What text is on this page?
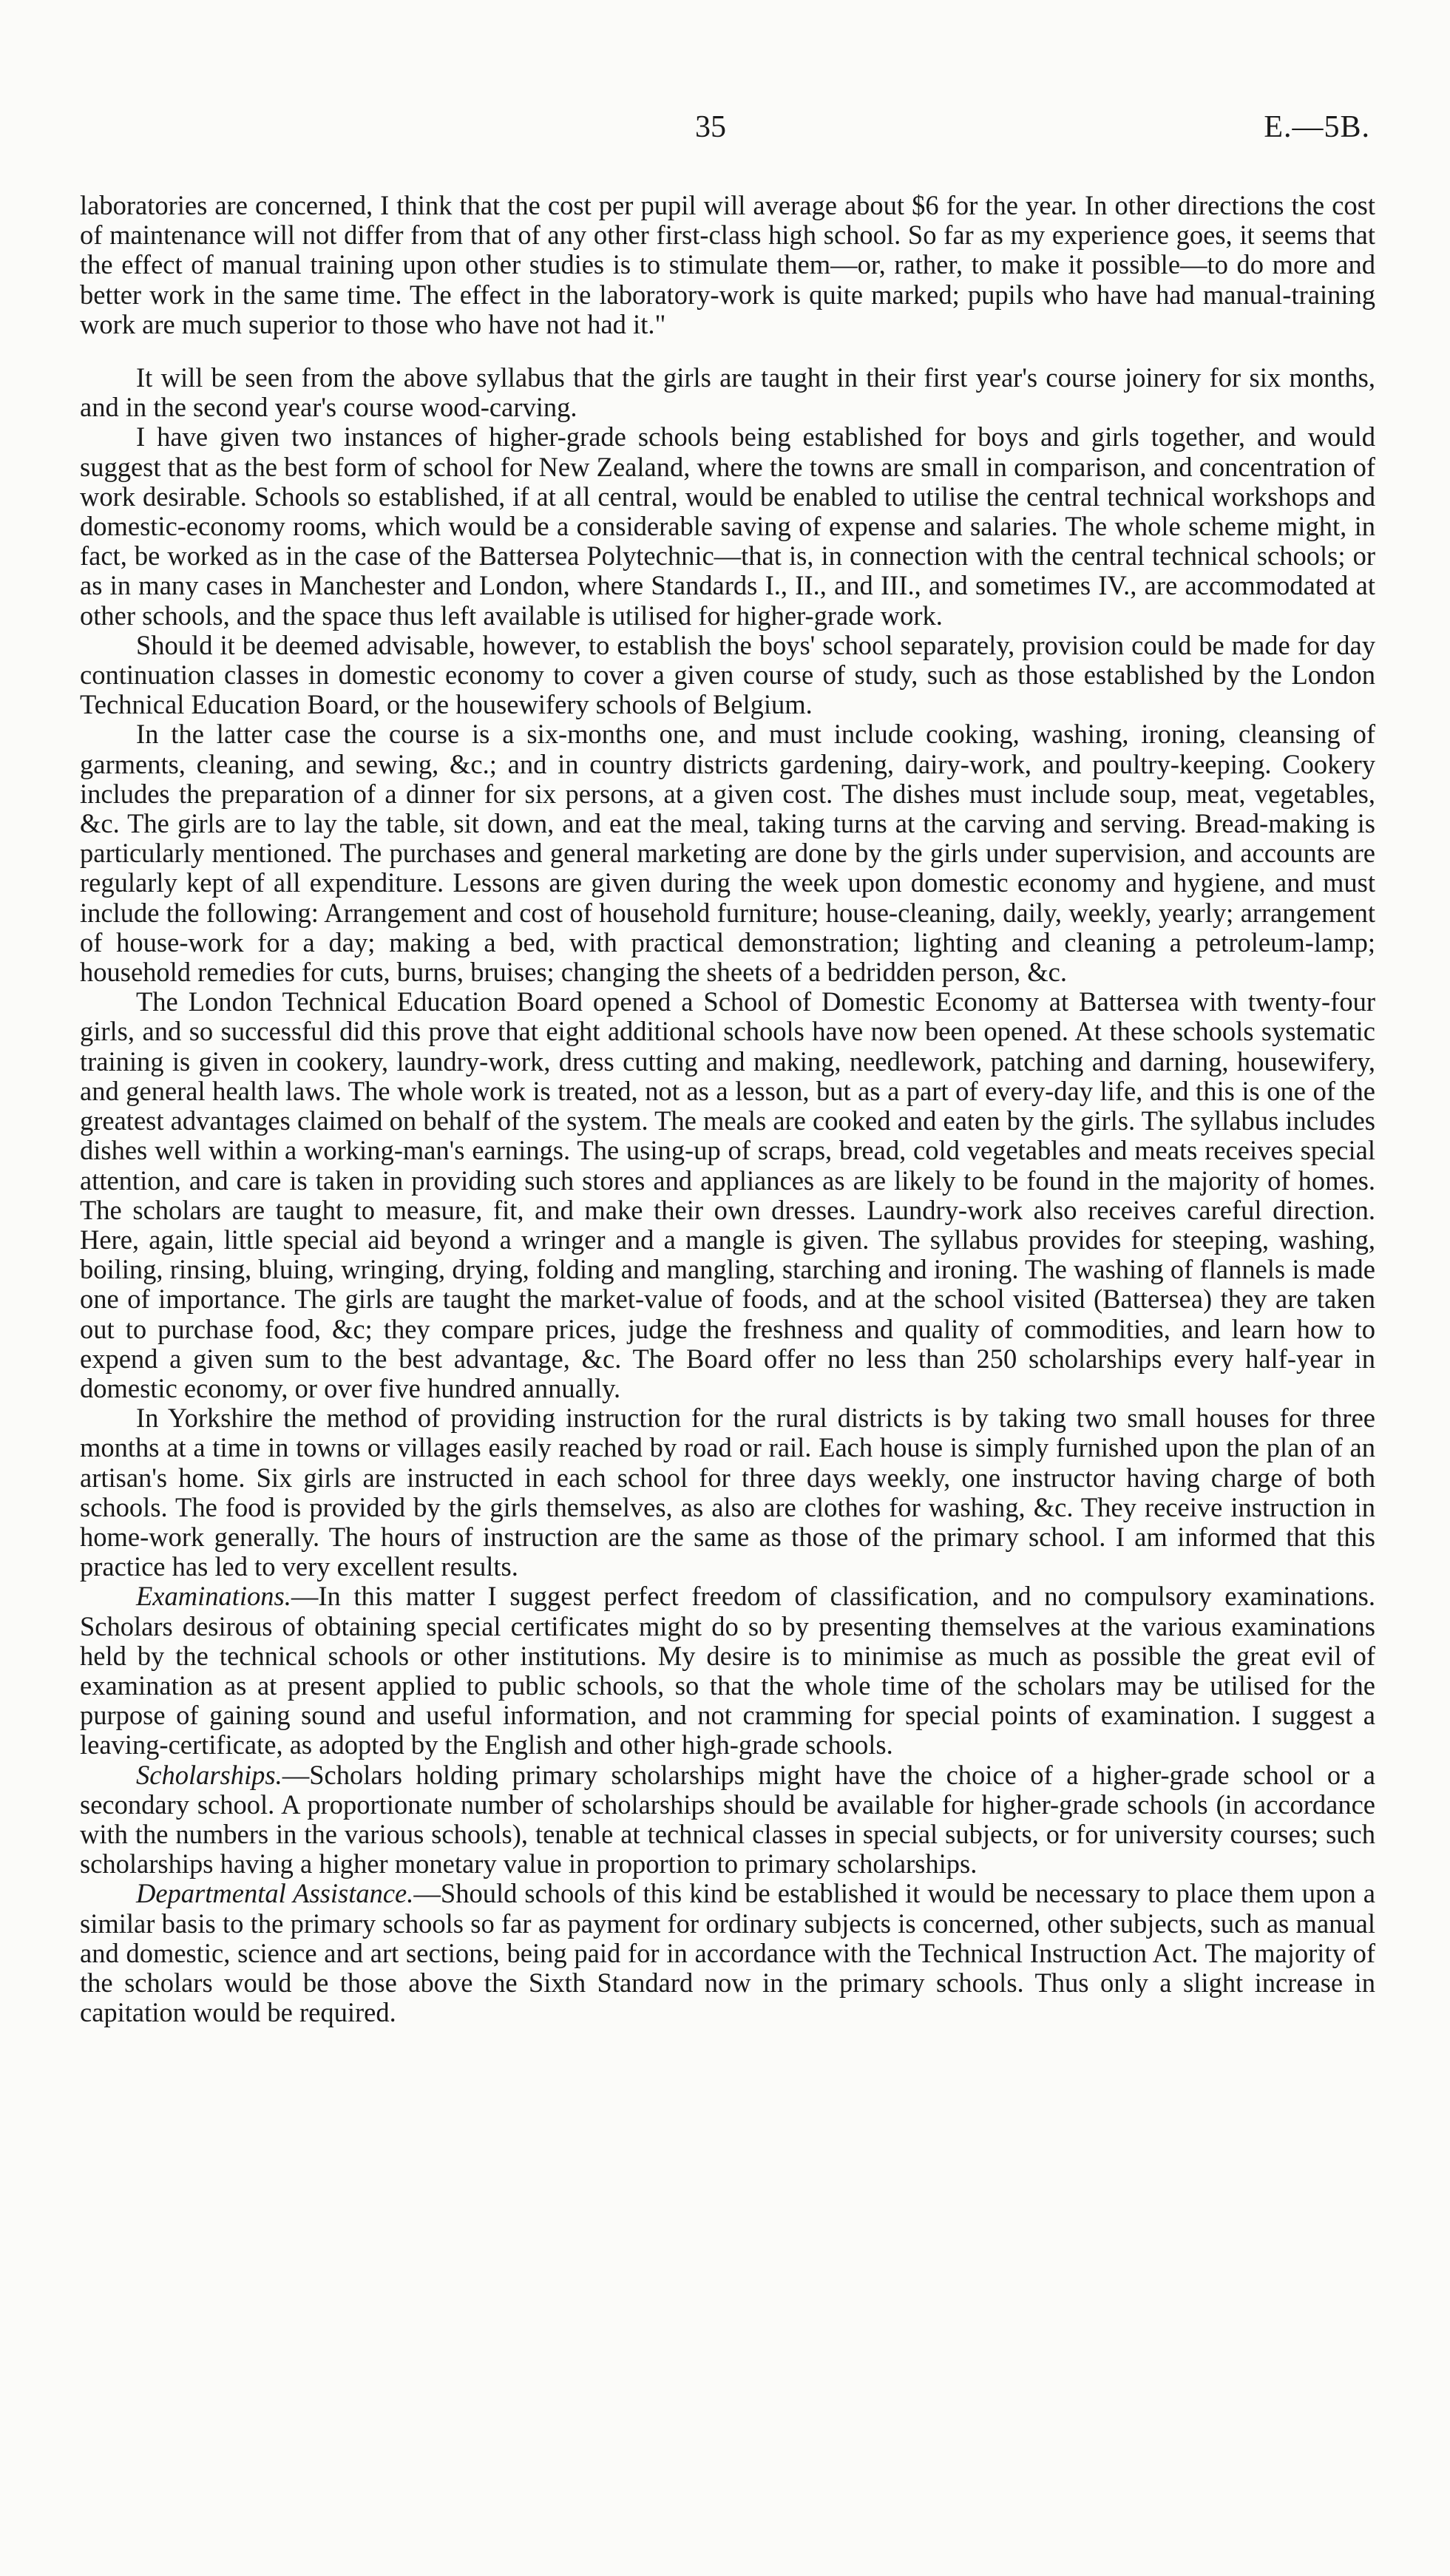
35	E.—5B.

laboratories are concerned, I think that the cost per pupil will average about $6 for the year. In other directions the cost of maintenance will not differ from that of any other first-class high school. So far as my experience goes, it seems that the effect of manual training upon other studies is to stimulate them—or, rather, to make it possible—to do more and better work in the same time. The effect in the laboratory-work is quite marked; pupils who have had manual-training work are much superior to those who have not had it."

It will be seen from the above syllabus that the girls are taught in their first year's course joinery for six months, and in the second year's course wood-carving.

I have given two instances of higher-grade schools being established for boys and girls together, and would suggest that as the best form of school for New Zealand, where the towns are small in comparison, and concentration of work desirable. Schools so established, if at all central, would be enabled to utilise the central technical workshops and domestic-economy rooms, which would be a considerable saving of expense and salaries. The whole scheme might, in fact, be worked as in the case of the Battersea Polytechnic—that is, in connection with the central technical schools; or as in many cases in Manchester and London, where Standards I., II., and III., and sometimes IV., are accommodated at other schools, and the space thus left available is utilised for higher-grade work.

Should it be deemed advisable, however, to establish the boys' school separately, provision could be made for day continuation classes in domestic economy to cover a given course of study, such as those established by the London Technical Education Board, or the housewifery schools of Belgium.

In the latter case the course is a six-months one, and must include cooking, washing, ironing, cleansing of garments, cleaning, and sewing, &c.; and in country districts gardening, dairy-work, and poultry-keeping. Cookery includes the preparation of a dinner for six persons, at a given cost. The dishes must include soup, meat, vegetables, &c. The girls are to lay the table, sit down, and eat the meal, taking turns at the carving and serving. Bread-making is particularly mentioned. The purchases and general marketing are done by the girls under supervision, and accounts are regularly kept of all expenditure. Lessons are given during the week upon domestic economy and hygiene, and must include the following: Arrangement and cost of household furniture; house-cleaning, daily, weekly, yearly; arrangement of house-work for a day; making a bed, with practical demonstration; lighting and cleaning a petroleum-lamp; household remedies for cuts, burns, bruises; changing the sheets of a bedridden person, &c.

The London Technical Education Board opened a School of Domestic Economy at Battersea with twenty-four girls, and so successful did this prove that eight additional schools have now been opened. At these schools systematic training is given in cookery, laundry-work, dress cutting and making, needlework, patching and darning, housewifery, and general health laws. The whole work is treated, not as a lesson, but as a part of every-day life, and this is one of the greatest advantages claimed on behalf of the system. The meals are cooked and eaten by the girls. The syllabus includes dishes well within a working-man's earnings. The using-up of scraps, bread, cold vegetables and meats receives special attention, and care is taken in providing such stores and appliances as are likely to be found in the majority of homes. The scholars are taught to measure, fit, and make their own dresses. Laundry-work also receives careful direction. Here, again, little special aid beyond a wringer and a mangle is given. The syllabus provides for steeping, washing, boiling, rinsing, bluing, wringing, drying, folding and mangling, starching and ironing. The washing of flannels is made one of importance. The girls are taught the market-value of foods, and at the school visited (Battersea) they are taken out to purchase food, &c; they compare prices, judge the freshness and quality of commodities, and learn how to expend a given sum to the best advantage, &c. The Board offer no less than 250 scholarships every half-year in domestic economy, or over five hundred annually.

In Yorkshire the method of providing instruction for the rural districts is by taking two small houses for three months at a time in towns or villages easily reached by road or rail. Each house is simply furnished upon the plan of an artisan's home. Six girls are instructed in each school for three days weekly, one instructor having charge of both schools. The food is provided by the girls themselves, as also are clothes for washing, &c. They receive instruction in home-work generally. The hours of instruction are the same as those of the primary school. I am informed that this practice has led to very excellent results.

Examinations.—In this matter I suggest perfect freedom of classification, and no compulsory examinations. Scholars desirous of obtaining special certificates might do so by presenting themselves at the various examinations held by the technical schools or other institutions. My desire is to minimise as much as possible the great evil of examination as at present applied to public schools, so that the whole time of the scholars may be utilised for the purpose of gaining sound and useful information, and not cramming for special points of examination. I suggest a leaving-certificate, as adopted by the English and other high-grade schools.

Scholarships.—Scholars holding primary scholarships might have the choice of a higher-grade school or a secondary school. A proportionate number of scholarships should be available for higher-grade schools (in accordance with the numbers in the various schools), tenable at technical classes in special subjects, or for university courses; such scholarships having a higher monetary value in proportion to primary scholarships.

Departmental Assistance.—Should schools of this kind be established it would be necessary to place them upon a similar basis to the primary schools so far as payment for ordinary subjects is concerned, other subjects, such as manual and domestic, science and art sections, being paid for in accordance with the Technical Instruction Act. The majority of the scholars would be those above the Sixth Standard now in the primary schools. Thus only a slight increase in capitation would be required.
